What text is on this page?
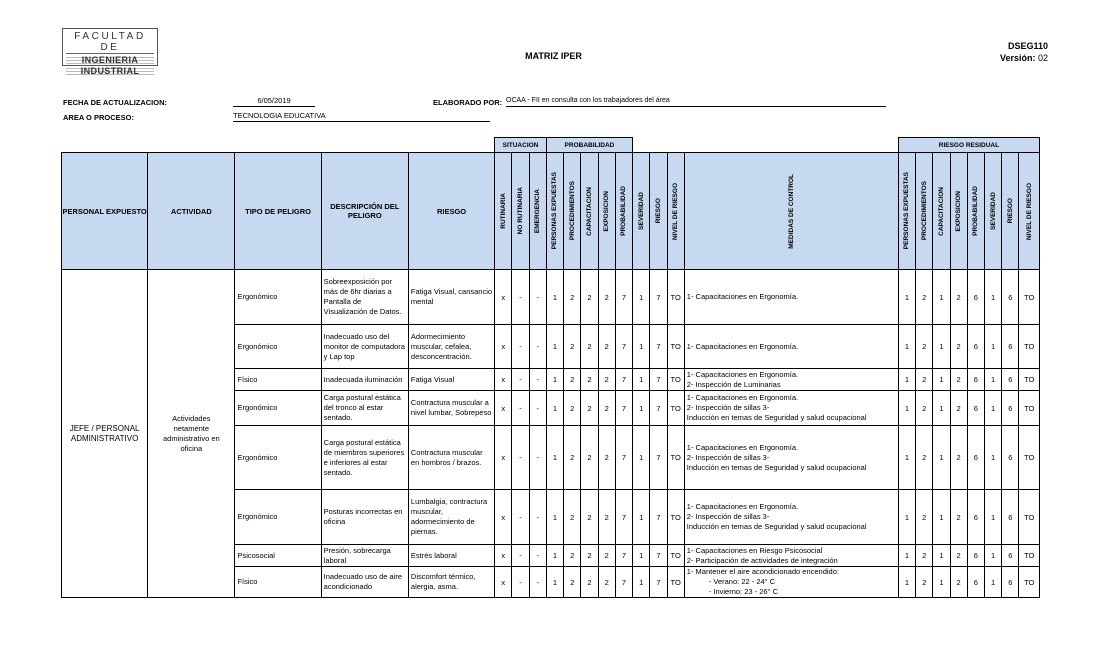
FACULTAD DE
INGENIERIA
INDUSTRIAL
MATRIZ IPER
DSEG110
Versión: 02
FECHA DE ACTUALIZACION:	6/05/2019	ELABORADO POR: OCAA - FII en consulta con los trabajadores del área
AREA O PROCESO:	TECNOLOGIA EDUCATIVA
					SITUACION			PROBABILIDAD									RIESGO RESIDUAL							
PERSONAL EXPUESTO	ACTIVIDAD	TIPO DE PELIGRO	DESCRIPCIÓN DEL PELIGRO	RIESGO	RUTINARIA	NO RUTINARIA	EMERGENCIA	PERSONAS EXPUESTAS	PROCEDIMIENTOS	CAPACITACION	EXPOSICION	PROBABILIDAD	SEVERIDAD	RIESGO	NIVEL DE RIESGO	MEDIDAS DE CONTROL	PERSONAS EXPUESTAS	PROCEDIMIENTOS	CAPACITACION	EXPOSICION	PROBABILIDAD	SEVERIDAD	RIESGO	NIVEL DE RIESGO

JEFE / PERSONAL ADMINISTRATIVO	Actividades netamente administrativo en oficina	Ergonómico	Sobreexposición por más de 6hr diarias a Pantalla de Visualización de Datos.	Fatiga Visual, cansancio mental	x	-	-	1	2	2	2	7	1	7	TO	1- Capacitaciones en Ergonomía.	1	2	1	2	6	1	6	TO
		Ergonómico	Inadecuado uso del monitor de computadora y Lap top	Adormecimiento muscular, cefalea, desconcentración.	x	-	-	1	2	2	2	7	1	7	TO	1- Capacitaciones en Ergonomía.	1	2	1	2	6	1	6	TO
		Físico	Inadecuada iluminación	Fatiga Visual	x	-	-	1	2	2	2	7	1	7	TO	1- Capacitaciones en Ergonomía.
2- Inspección de Luminarias	1	2	1	2	6	1	6	TO
		Ergonómico	Carga postural estática del tronco al estar sentado.	Contractura muscular a nivel lumbar, Sobrepeso	x	-	-	1	2	2	2	7	1	7	TO	1- Capacitaciones en Ergonomía.
2- Inspección de sillas 3-
Inducción en temas de Seguridad y salud ocupacional	1	2	1	2	6	1	6	TO
		Ergonómico	Carga postural estática de miembros superiores e inferiores al estar sentado.	Contractura muscular en hombros / brazos.	x	-	-	1	2	2	2	7	1	7	TO	1- Capacitaciones en Ergonomía.
2- Inspección de sillas 3-
Inducción en temas de Seguridad y salud ocupacional	1	2	1	2	6	1	6	TO
		Ergonómico	Posturas incorrectas en oficina	Lumbalgia, contractura muscular, adormecimiento de piernas.	x	-	-	1	2	2	2	7	1	7	TO	1- Capacitaciones en Ergonomía.
2- Inspección de sillas 3-
Inducción en temas de Seguridad y salud ocupacional	1	2	1	2	6	1	6	TO
		Psicosocial	Presión, sobrecarga laboral	Estrés laboral	x	-	-	1	2	2	2	7	1	7	TO	1- Capacitaciones en Riesgo Psicosocial
2- Participación de actividades de integración	1	2	1	2	6	1	6	TO
		Físico	Inadecuado uso de aire acondicionado	Discomfort térmico, alergia, asma.	x	-	-	1	2	2	2	7	1	7	TO	1- Mantener el aire acondicionado encendido:
- Verano: 22 - 24° C
- Invierno: 23 - 26° C	1	2	1	2	6	1	6	TO
